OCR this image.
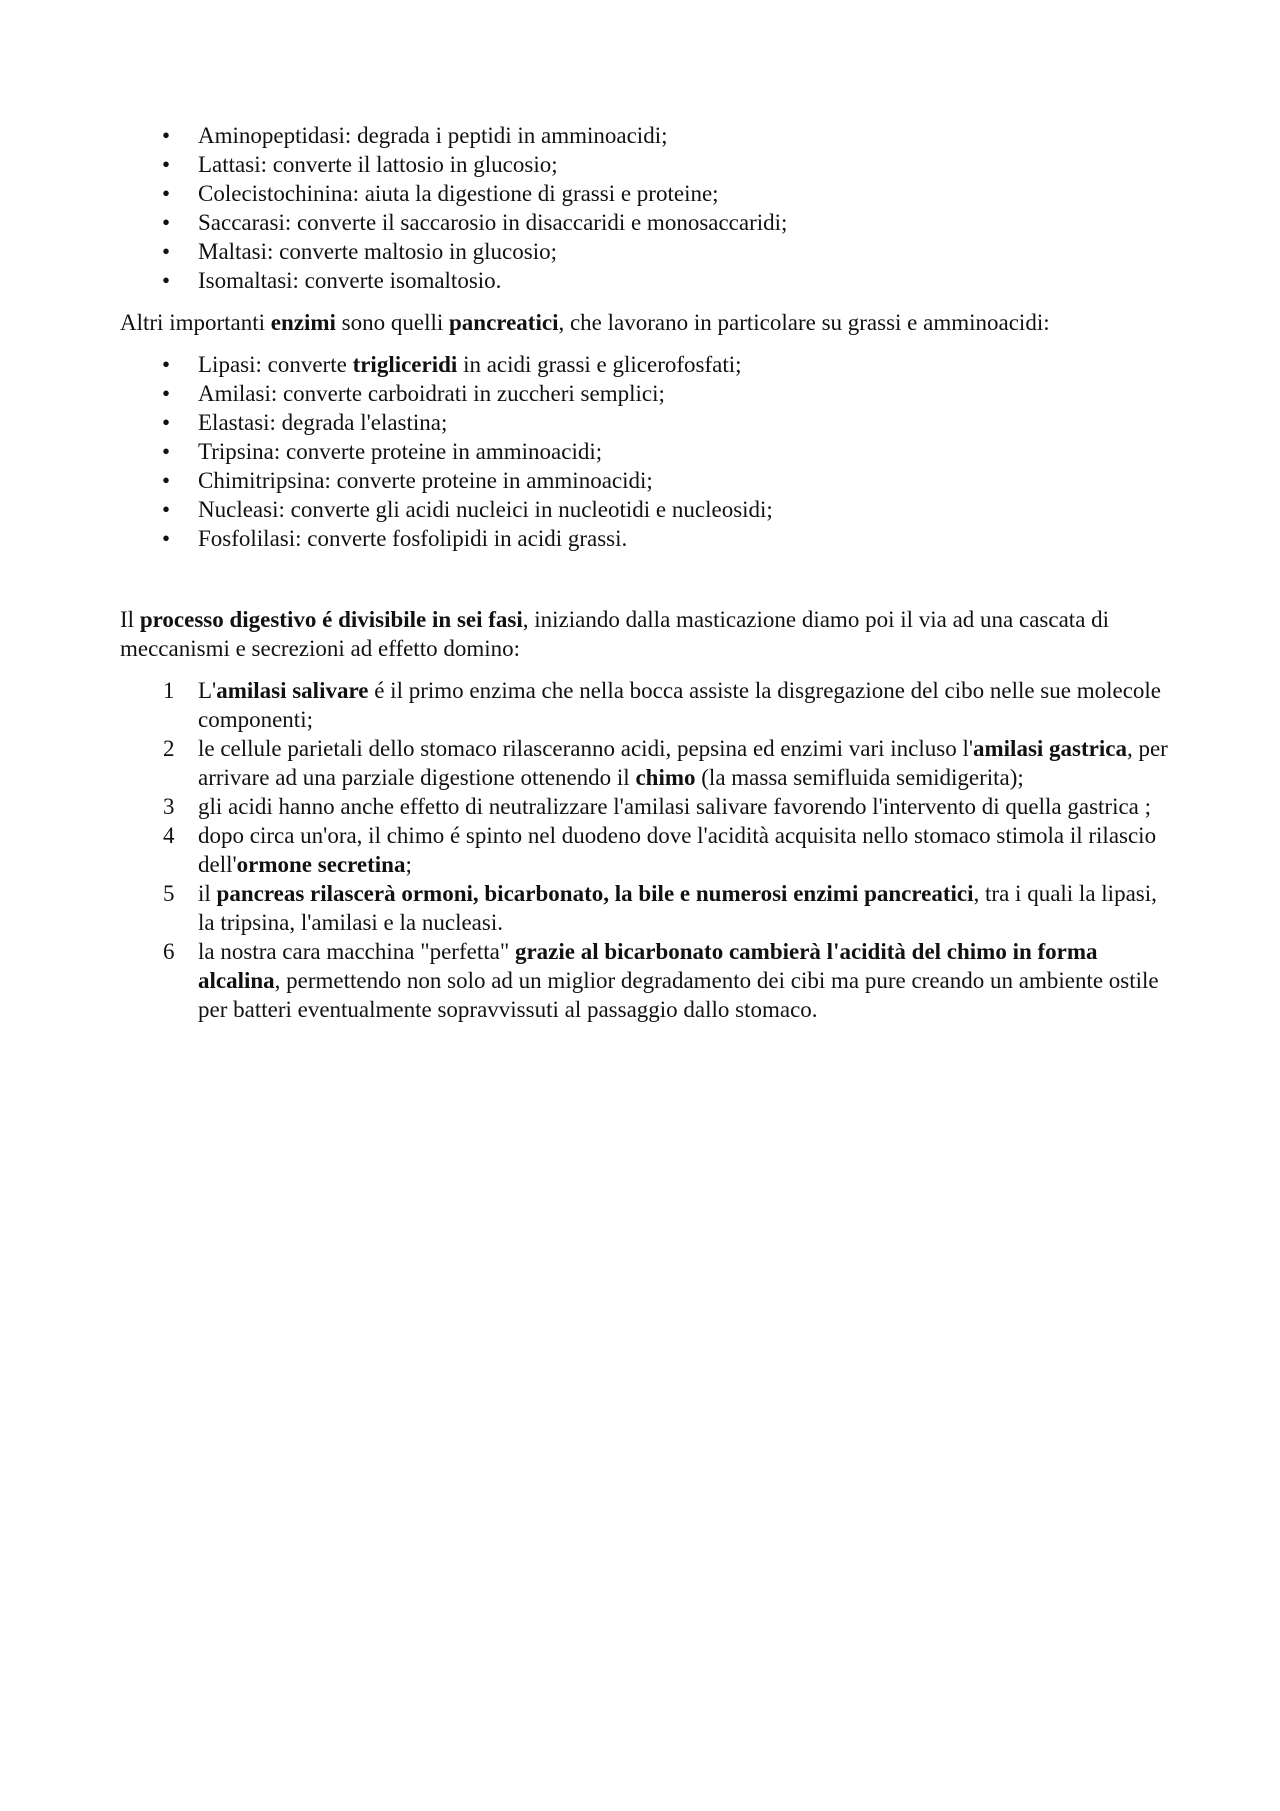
• Aminopeptidasi: degrada i peptidi in amminoacidi;
• Lattasi: converte il lattosio in glucosio;
• Colecistochinina: aiuta la digestione di grassi e proteine;
• Saccarasi: converte il saccarosio in disaccaridi e monosaccaridi;
• Maltasi: converte maltosio in glucosio;
• Isomaltasi: converte isomaltosio.

Altri importanti enzimi sono quelli pancreatici, che lavorano in particolare su grassi e amminoacidi:

• Lipasi: converte trigliceridi in acidi grassi e glicerofosfati;
• Amilasi: converte carboidrati in zuccheri semplici;
• Elastasi: degrada l'elastina;
• Tripsina: converte proteine in amminoacidi;
• Chimitripsina: converte proteine in amminoacidi;
• Nucleasi: converte gli acidi nucleici in nucleotidi e nucleosidi;
• Fosfolilasi: converte fosfolipidi in acidi grassi.

Il processo digestivo é divisibile in sei fasi, iniziando dalla masticazione diamo poi il via ad una cascata di meccanismi e secrezioni ad effetto domino:

1 L'amilasi salivare é il primo enzima che nella bocca assiste la disgregazione del cibo nelle sue molecole componenti;
2 le cellule parietali dello stomaco rilasceranno acidi, pepsina ed enzimi vari incluso l'amilasi gastrica, per arrivare ad una parziale digestione ottenendo il chimo (la massa semifluida semidigerita);
3 gli acidi hanno anche effetto di neutralizzare l'amilasi salivare favorendo l'intervento di quella gastrica ;
4 dopo circa un'ora, il chimo é spinto nel duodeno dove l'acidità acquisita nello stomaco stimola il rilascio dell'ormone secretina;
5 il pancreas rilascerà ormoni, bicarbonato, la bile e numerosi enzimi pancreatici, tra i quali la lipasi, la tripsina, l'amilasi e la nucleasi.
6 la nostra cara macchina "perfetta" grazie al bicarbonato cambierà l'acidità del chimo in forma alcalina, permettendo non solo ad un miglior degradamento dei cibi ma pure creando un ambiente ostile per batteri eventualmente sopravvissuti al passaggio dallo stomaco.
